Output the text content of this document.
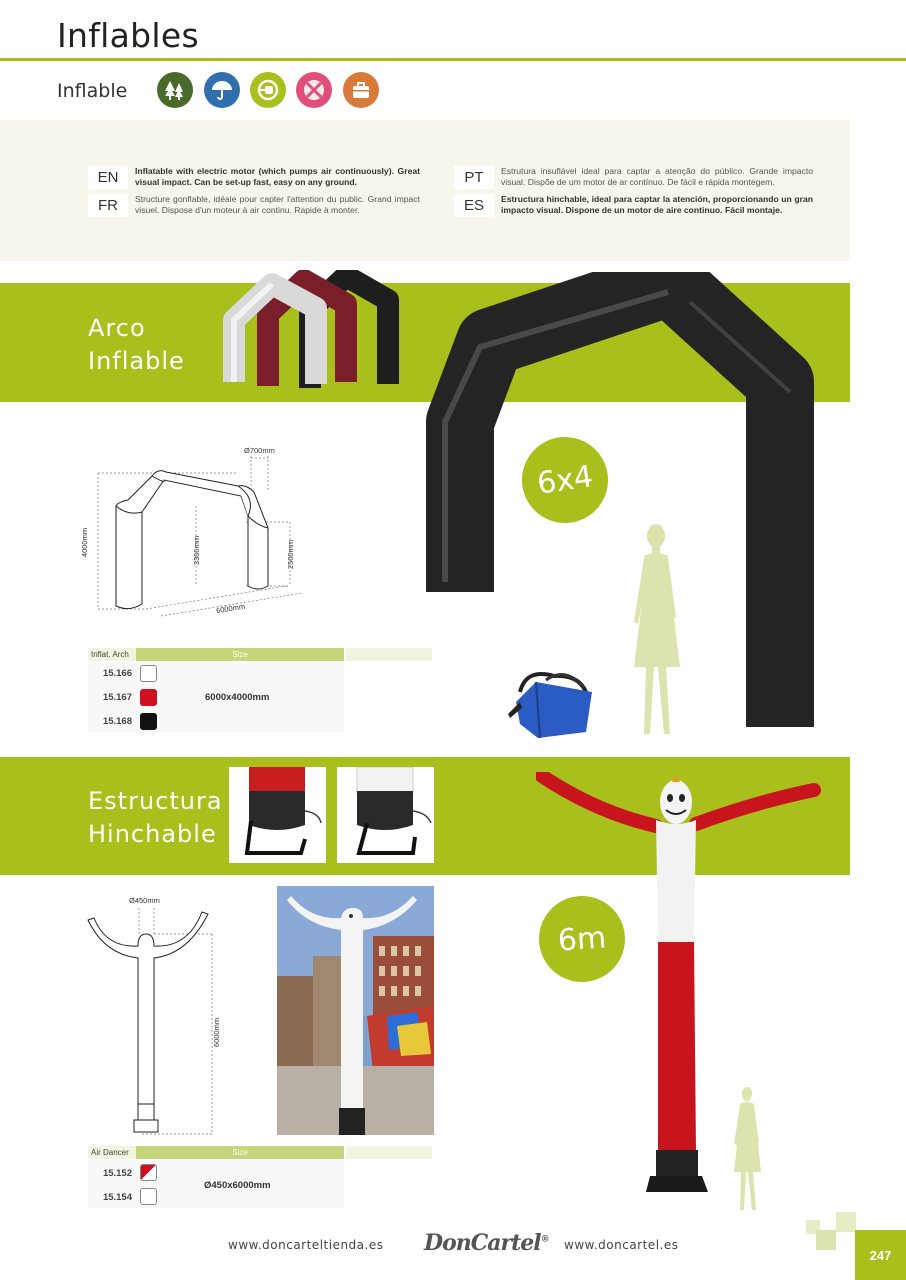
Inflables
Inflable
EN	Inflatable with electric motor (which pumps air continuously). Great visual impact. Can be set-up fast, easy on any ground.
FR	Structure gonflable, idéale pour capter l'attention du public. Grand impact visuel. Dispose d'un moteur à air continu. Rapide à monter.
PT	Estrutura insuflável ideal para captar a atenção do público. Grande impacto visual. Dispõe de um motor de ar contínuo. De fácil e rápida montegem.
ES	Estructura hinchable, ideal para captar la atención, proporcionando un gran impacto visual. Dispone de un motor de aire continuo. Fácil montaje.
Arco
Inflable
6x4
Ø700mm
4000mm	3300mm	2500mm
6000mm
Inflat. Arch	Size
15.166
15.167
15.168
6000x4000mm
Estructura
Hinchable
Ø450mm
6000mm
6m
Air Dancer	Size
15.152
15.154
Ø450x6000mm
www.doncarteltienda.es DonCartel® www.doncartel.es
247
